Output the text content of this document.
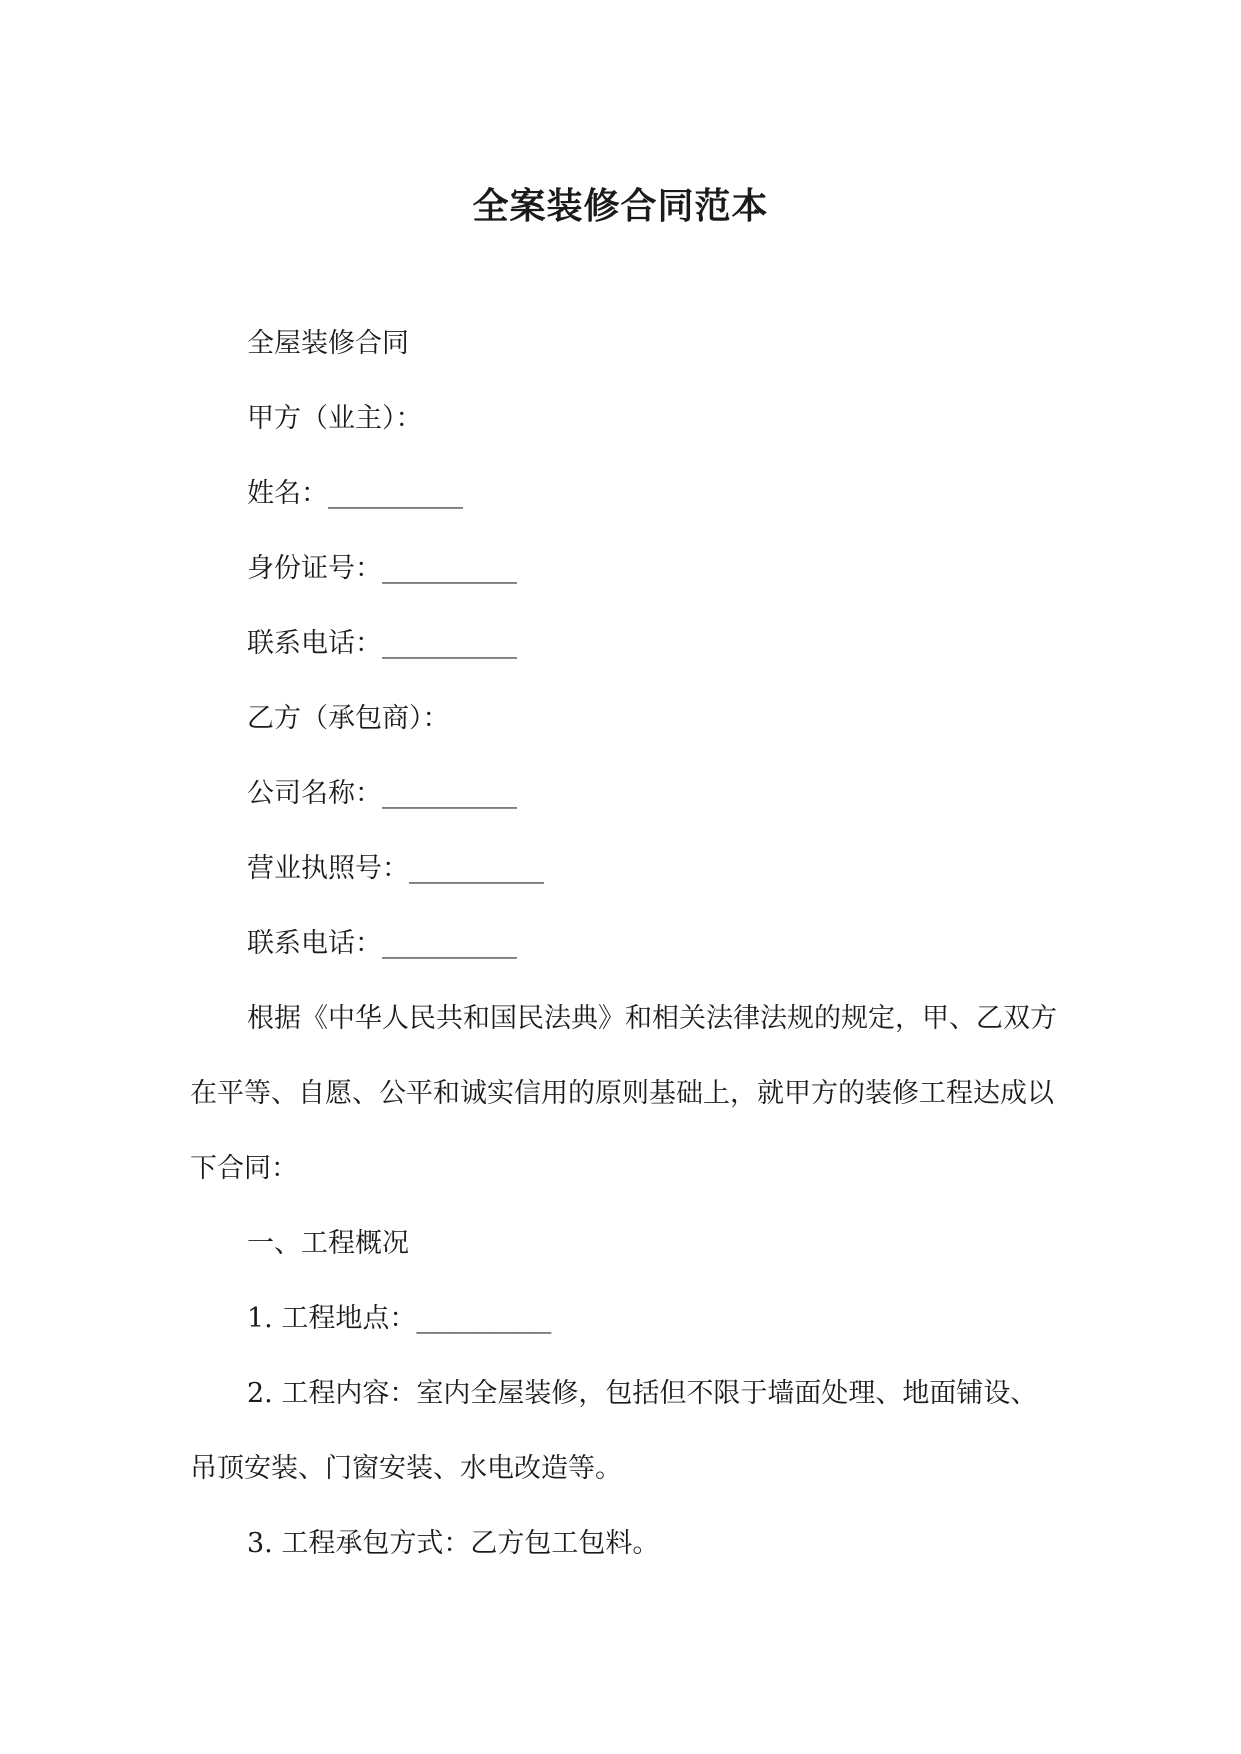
全案装修合同范本

全屋装修合同

甲方（业主）：

姓名：__________

身份证号：__________

联系电话：__________

乙方（承包商）：

公司名称：__________

营业执照号：__________

联系电话：__________

根据《中华人民共和国民法典》和相关法律法规的规定，甲、乙双方在平等、自愿、公平和诚实信用的原则基础上，就甲方的装修工程达成以下合同：

一、工程概况

1. 工程地点：__________

2. 工程内容：室内全屋装修，包括但不限于墙面处理、地面铺设、吊顶安装、门窗安装、水电改造等。

3. 工程承包方式：乙方包工包料。
